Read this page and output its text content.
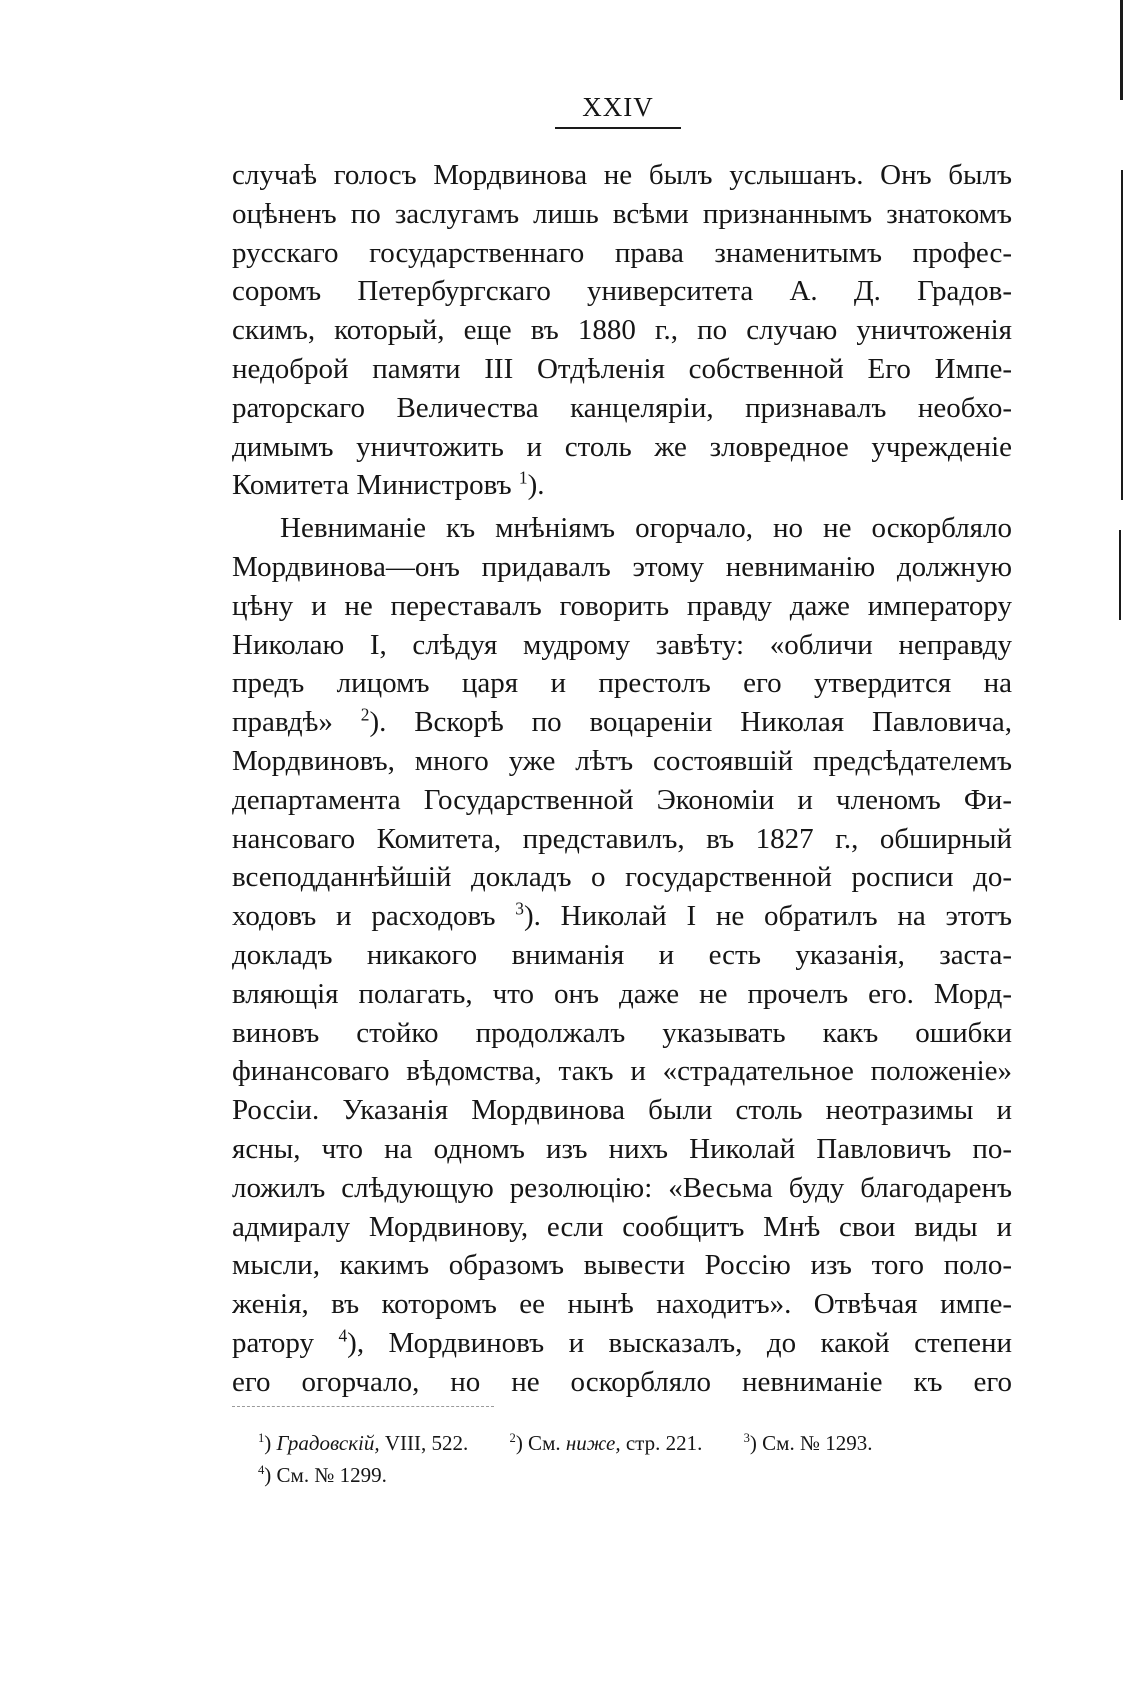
XXIV
случаѣ голосъ Мордвинова не былъ услышанъ. Онъ былъ
оцѣненъ по заслугамъ лишь всѣми признаннымъ знатокомъ
русскаго государственнаго права знаменитымъ профес-
соромъ Петербургскаго университета А. Д. Градов-
скимъ, который, еще въ 1880 г., по случаю уничтоженія
недоброй памяти III Отдѣленія собственной Его Импе-
раторскаго Величества канцеляріи, признавалъ необхо-
димымъ уничтожить и столь же зловредное учрежденіе
Комитета Министровъ $^1$).
Невниманіе къ мнѣніямъ огорчало, но не оскорбляло
Мордвинова—онъ придавалъ этому невниманію должную
цѣну и не переставалъ говорить правду даже императору
Николаю I, слѣдуя мудрому завѣту: «обличи неправду
предъ лицомъ царя и престолъ его утвердится на
правдѣ» $^2$). Вскорѣ по воцареніи Николая Павловича,
Мордвиновъ, много уже лѣтъ состоявшій предсѣдателемъ
департамента Государственной Экономіи и членомъ Фи-
нансоваго Комитета, представилъ, въ 1827 г., обширный
всеподданнѣйшій докладъ о государственной росписи до-
ходовъ и расходовъ $^3$). Николай I не обратилъ на этотъ
докладъ никакого вниманія и есть указанія, заста-
вляющія полагать, что онъ даже не прочелъ его. Морд-
виновъ стойко продолжалъ указывать какъ ошибки
финансоваго вѣдомства, такъ и «страдательное положеніе»
Россіи. Указанія Мордвинова были столь неотразимы и
ясны, что на одномъ изъ нихъ Николай Павловичъ по-
ложилъ слѣдующую резолюцію: «Весьма буду благодаренъ
адмиралу Мордвинову, если сообщитъ Мнѣ свои виды и
мысли, какимъ образомъ вывести Россію изъ того поло-
женія, въ которомъ ее нынѣ находитъ». Отвѣчая импе-
ратору $^4$), Мордвиновъ и высказалъ, до какой степени
его огорчало, но не оскорбляло невниманіе къ его
$^1$) Градовскій, VIII, 522.	$^2$) См. ниже, стр. 221.	$^3$) См. № 1293.
$^4$) См. № 1299.
